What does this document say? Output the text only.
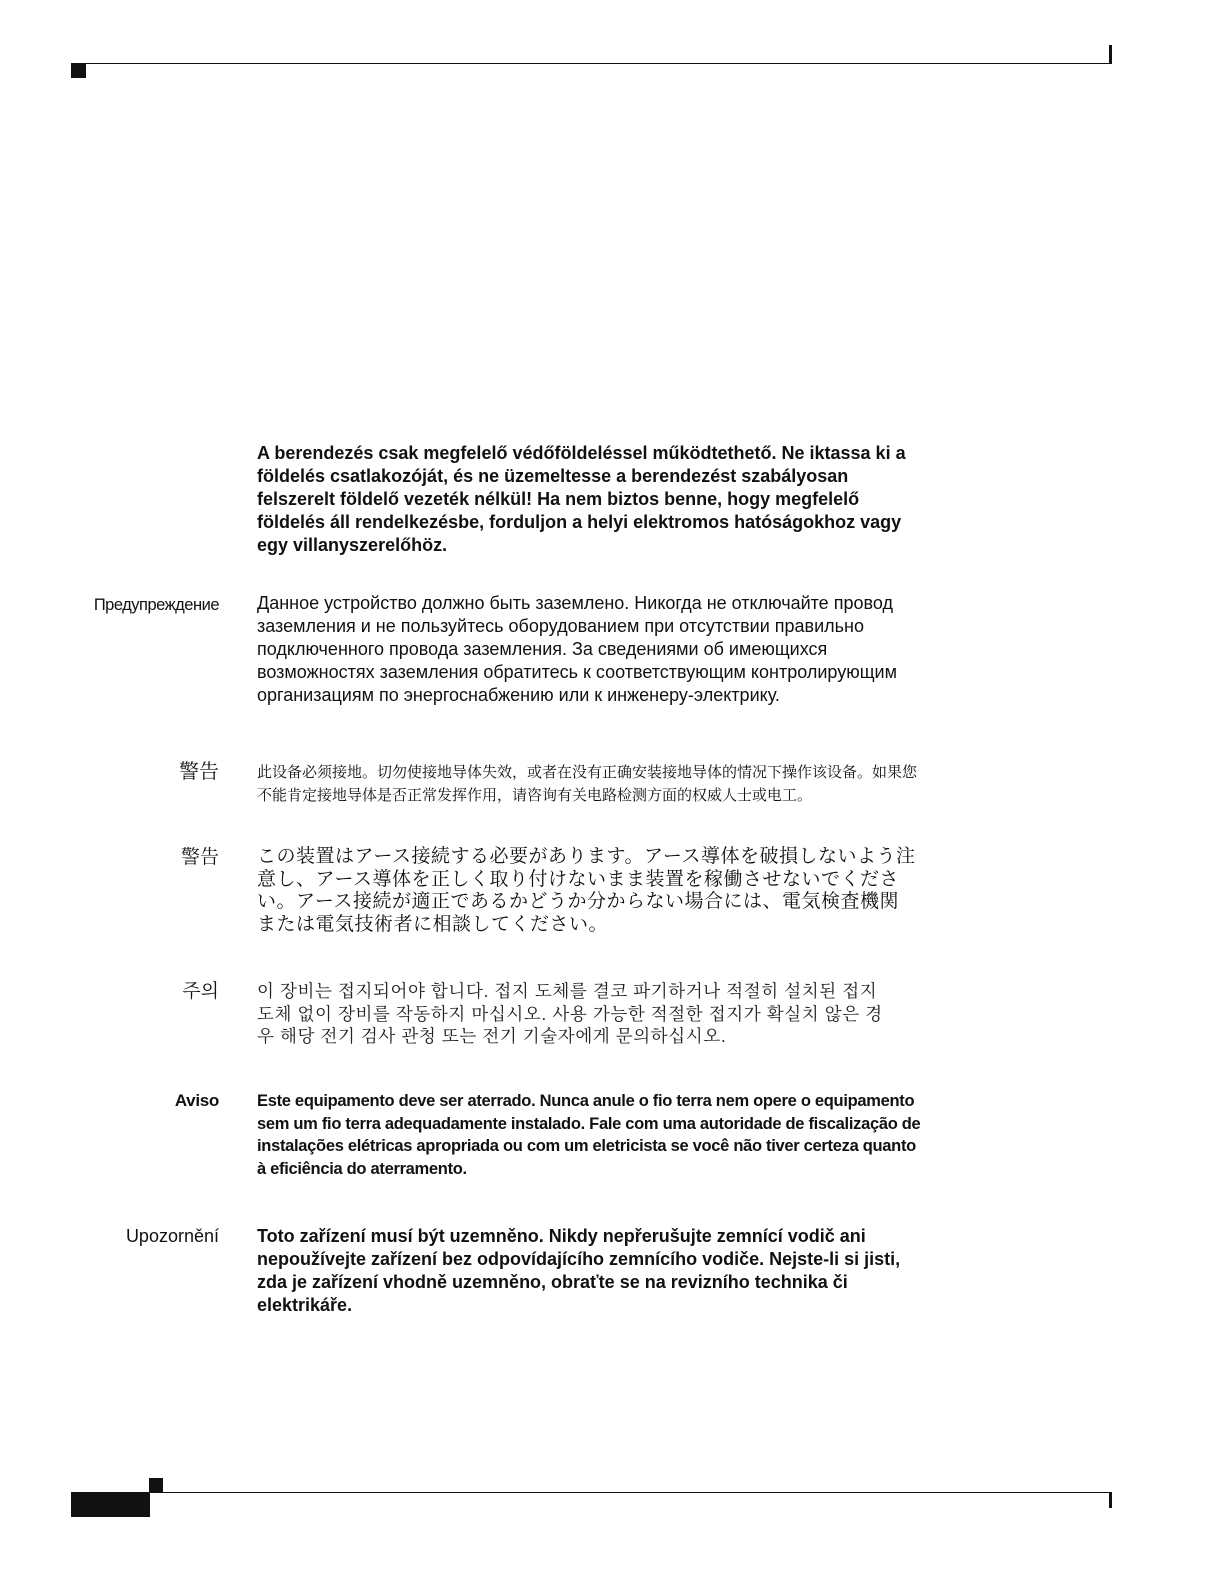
A berendezés csak megfelelő védőföldeléssel működtethető. Ne iktassa ki a földelés csatlakozóját, és ne üzemeltesse a berendezést szabályosan felszerelt földelő vezeték nélkül! Ha nem biztos benne, hogy megfelelő földelés áll rendelkezésbe, forduljon a helyi elektromos hatóságokhoz vagy egy villanyszerelőhöz.

Предупреждение Данное устройство должно быть заземлено. Никогда не отключайте провод заземления и не пользуйтесь оборудованием при отсутствии правильно подключенного провода заземления. За сведениями об имеющихся возможностях заземления обратитесь к соответствующим контролирующим организациям по энергоснабжению или к инженеру-электрику.

警告	此设备必须接地。切勿使接地导体失效，或者在没有正确安装接地导体的情况下操作该设备。如果您不能肯定接地导体是否正常发挥作用，请咨询有关电路检测方面的权威人士或电工。

警告 この装置はアース接続する必要があります。アース導体を破損しないよう注意し、アース導体を正しく取り付けないまま装置を稼働させないでください。アース接続が適正であるかどうか分からない場合には、電気検査機関または電気技術者に相談してください。

주의 이 장비는 접지되어야 합니다. 접지 도체를 결코 파기하거나 적절히 설치된 접지 도체 없이 장비를 작동하지 마십시오. 사용 가능한 적절한 접지가 확실치 않은 경우 해당 전기 검사 관청 또는 전기 기술자에게 문의하십시오.

Aviso Este equipamento deve ser aterrado. Nunca anule o fio terra nem opere o equipamento sem um fio terra adequadamente instalado. Fale com uma autoridade de fiscalização de instalações elétricas apropriada ou com um eletricista se você não tiver certeza quanto à eficiência do aterramento.

Upozornění Toto zařízení musí být uzemněno. Nikdy nepřerušujte zemnící vodič ani nepoužívejte zařízení bez odpovídajícího zemnícího vodiče. Nejste-li si jisti, zda je zařízení vhodně uzemněno, obraťte se na revizního technika či elektrikáře.
